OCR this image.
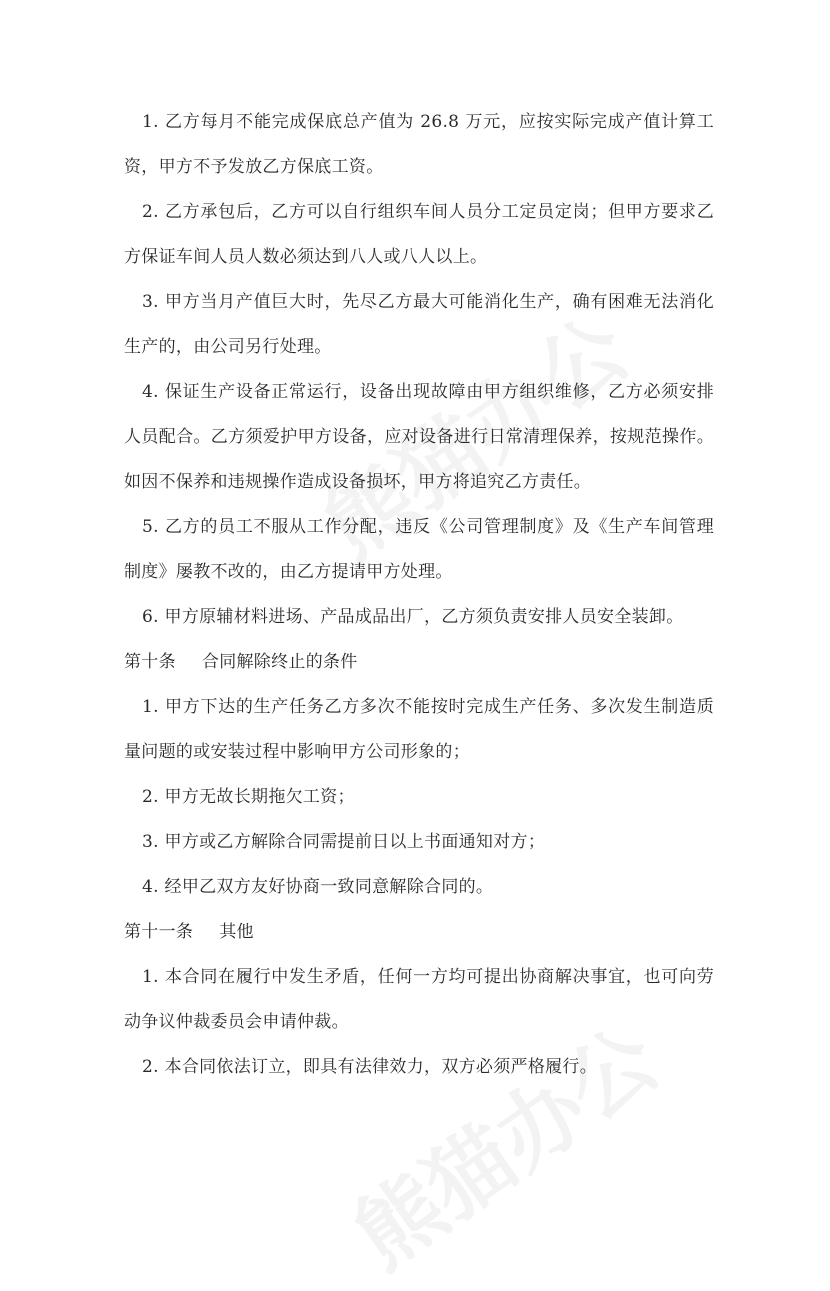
1. 乙方每月不能完成保底总产值为 26.8 万元，应按实际完成产值计算工资，甲方不予发放乙方保底工资。

2. 乙方承包后，乙方可以自行组织车间人员分工定员定岗；但甲方要求乙方保证车间人员人数必须达到八人或八人以上。

3. 甲方当月产值巨大时，先尽乙方最大可能消化生产，确有困难无法消化生产的，由公司另行处理。

4. 保证生产设备正常运行，设备出现故障由甲方组织维修，乙方必须安排人员配合。乙方须爱护甲方设备，应对设备进行日常清理保养，按规范操作。如因不保养和违规操作造成设备损坏，甲方将追究乙方责任。

5. 乙方的员工不服从工作分配，违反《公司管理制度》及《生产车间管理制度》屡教不改的，由乙方提请甲方处理。

6. 甲方原辅材料进场、产品成品出厂，乙方须负责安排人员安全装卸。

第十条 合同解除终止的条件

1. 甲方下达的生产任务乙方多次不能按时完成生产任务、多次发生制造质量问题的或安装过程中影响甲方公司形象的；

2. 甲方无故长期拖欠工资；

3. 甲方或乙方解除合同需提前日以上书面通知对方；

4. 经甲乙双方友好协商一致同意解除合同的。

第十一条 其他

1. 本合同在履行中发生矛盾，任何一方均可提出协商解决事宜，也可向劳动争议仲裁委员会申请仲裁。

2. 本合同依法订立，即具有法律效力，双方必须严格履行。
